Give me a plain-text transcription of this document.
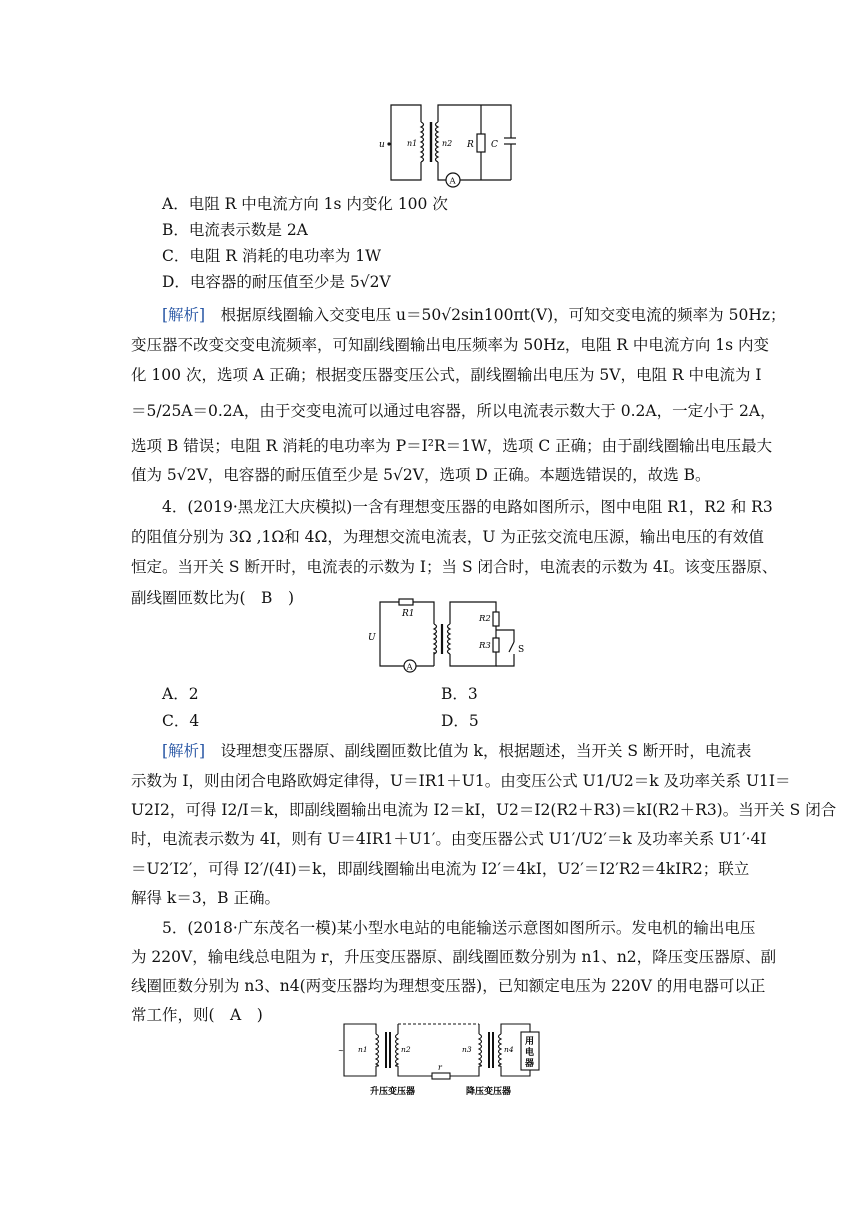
u	n1	n2 R C
A
A．电阻 R 中电流方向 1s 内变化 100 次
B．电流表示数是 2A
C．电阻 R 消耗的电功率为 1W
D．电容器的耐压值至少是 5√2V
[解析]　 根据原线圈输入交变电压 u＝50√2sin100πt(V)，可知交变电流的频率为 50Hz；
变压器不改变交变电流频率，可知副线圈输出电压频率为 50Hz，电阻 R 中电流方向 1s 内变
化 100 次，选项 A 正确；根据变压器变压公式，副线圈输出电压为 5V，电阻 R 中电流为 I
＝5/25A＝0.2A，由于交变电流可以通过电容器，所以电流表示数大于 0.2A，一定小于 2A，
选项 B 错误；电阻 R 消耗的电功率为 P＝I²R＝1W，选项 C 正确；由于副线圈输出电压最大
值为 5√2V，电容器的耐压值至少是 5√2V，选项 D 正确。本题选错误的，故选 B。
4．(2019·黑龙江大庆模拟)一含有理想变压器的电路如图所示，图中电阻 R1，R2 和 R3
的阻值分别为 3Ω ,1Ω和 4Ω，为理想交流电流表，U 为正弦交流电压源，输出电压的有效值
恒定。当开关 S 断开时，电流表的示数为 I；当 S 闭合时，电流表的示数为 4I。该变压器原、
副线圈匝数比为(　B　)
R1
U
R2
R3	S
A
A．2	B．3
C．4	D．5
[解析]　 设理想变压器原、副线圈匝数比值为 k，根据题述，当开关 S 断开时，电流表
示数为 I，则由闭合电路欧姆定律得，U＝IR1＋U1。由变压公式 U1/U2＝k 及功率关系 U1I＝
U2I2，可得 I2/I＝k，即副线圈输出电流为 I2＝kI，U2＝I2(R2＋R3)＝kI(R2＋R3)。当开关 S 闭合
时，电流表示数为 4I，则有 U＝4IR1＋U1′。由变压器公式 U1′/U2′＝k 及功率关系 U1′·4I
＝U2′I2′，可得 I2′/(4I)＝k，即副线圈输出电流为 I2′＝4kI，U2′＝I2′R2＝4kIR2；联立
解得 k＝3，B 正确。
5．(2018·广东茂名一模)某小型水电站的电能输送示意图如图所示。发电机的输出电压
为 220V，输电线总电阻为 r，升压变压器原、副线圈匝数分别为 n1、n2，降压变压器原、副
线圈匝数分别为 n3、n4(两变压器均为理想变压器)，已知额定电压为 220V 的用电器可以正
常工作，则(　A　)
n1	n2
r
n3	n4
用 电 器
升压变压器	降压变压器
~
